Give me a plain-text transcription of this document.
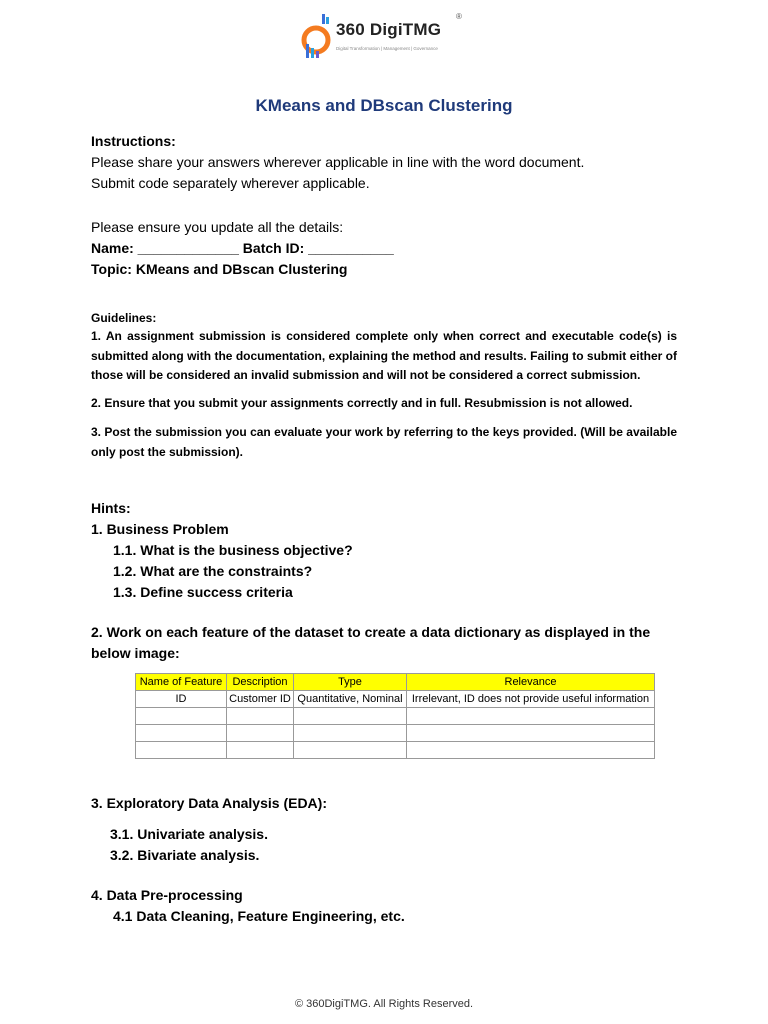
360 DigiTMG
®
Digital Transformation | Management | Governance
KMeans and DBscan Clustering
Instructions:
Please share your answers wherever applicable in line with the word document.
Submit code separately wherever applicable.
Please ensure you update all the details:
Name: _____________ Batch ID: ___________
Topic: KMeans and DBscan Clustering
Guidelines:
1. An assignment submission is considered complete only when correct and executable code(s) is submitted along with the documentation, explaining the method and results. Failing to submit either of those will be considered an invalid submission and will not be considered a correct submission.
2. Ensure that you submit your assignments correctly and in full. Resubmission is not allowed.
3. Post the submission you can evaluate your work by referring to the keys provided. (Will be available only post the submission).
Hints:
1. Business Problem
1.1. What is the business objective?
1.2. What are the constraints?
1.3. Define success criteria
2. Work on each feature of the dataset to create a data dictionary as displayed in the below image:
Name of Feature	Description	Type	Relevance
ID	Customer ID	Quantitative, Nominal	Irrelevant, ID does not provide useful information

3. Exploratory Data Analysis (EDA):
3.1. Univariate analysis.
3.2. Bivariate analysis.
4. Data Pre-processing
4.1 Data Cleaning, Feature Engineering, etc.
© 360DigiTMG. All Rights Reserved.
